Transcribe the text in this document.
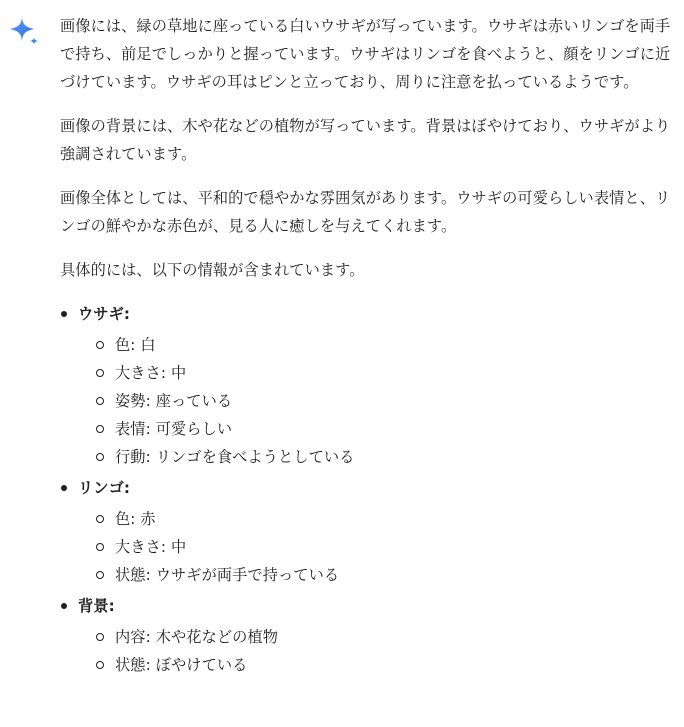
画像には、緑の草地に座っている白いウサギが写っています。ウサギは赤いリンゴを両手で持ち、前足でしっかりと握っています。ウサギはリンゴを食べようと、顔をリンゴに近づけています。ウサギの耳はピンと立っており、周りに注意を払っているようです。

画像の背景には、木や花などの植物が写っています。背景はぼやけており、ウサギがより強調されています。

画像全体としては、平和的で穏やかな雰囲気があります。ウサギの可愛らしい表情と、リンゴの鮮やかな赤色が、見る人に癒しを与えてくれます。

具体的には、以下の情報が含まれています。

ウサギ:
色: 白
大きさ: 中
姿勢: 座っている
表情: 可愛らしい
行動: リンゴを食べようとしている
リンゴ:
色: 赤
大きさ: 中
状態: ウサギが両手で持っている
背景:
内容: 木や花などの植物
状態: ぼやけている
